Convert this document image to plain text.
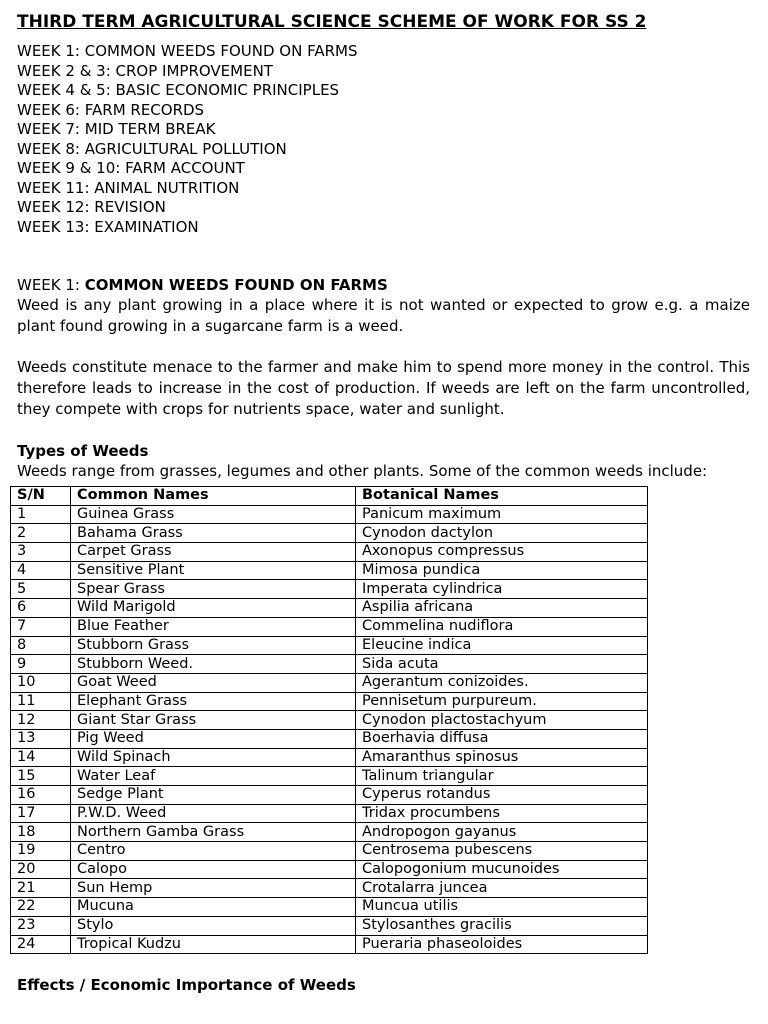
THIRD TERM AGRICULTURAL SCIENCE SCHEME OF WORK FOR SS 2
WEEK 1: COMMON WEEDS FOUND ON FARMS
WEEK 2 & 3: CROP IMPROVEMENT
WEEK 4 & 5: BASIC ECONOMIC PRINCIPLES
WEEK 6: FARM RECORDS
WEEK 7: MID TERM BREAK
WEEK 8: AGRICULTURAL POLLUTION
WEEK 9 & 10: FARM ACCOUNT
WEEK 11: ANIMAL NUTRITION
WEEK 12: REVISION
WEEK 13: EXAMINATION
WEEK 1: COMMON WEEDS FOUND ON FARMS
Weed is any plant growing in a place where it is not wanted or expected to grow e.g. a maize plant found growing in a sugarcane farm is a weed.
Weeds constitute menace to the farmer and make him to spend more money in the control. This therefore leads to increase in the cost of production. If weeds are left on the farm uncontrolled, they compete with crops for nutrients space, water and sunlight.
Types of Weeds
Weeds range from grasses, legumes and other plants. Some of the common weeds include:
S/N	Common Names	Botanical Names
1	Guinea Grass	Panicum maximum
2	Bahama Grass	Cynodon dactylon
3	Carpet Grass	Axonopus compressus
4	Sensitive Plant	Mimosa pundica
5	Spear Grass	Imperata cylindrica
6	Wild Marigold	Aspilia africana
7	Blue Feather	Commelina nudiflora
8	Stubborn Grass	Eleucine indica
9	Stubborn Weed.	Sida acuta
10	Goat Weed	Agerantum conizoides.
11	Elephant Grass	Pennisetum purpureum.
12	Giant Star Grass	Cynodon plactostachyum
13	Pig Weed	Boerhavia diffusa
14	Wild Spinach	Amaranthus spinosus
15	Water Leaf	Talinum triangular
16	Sedge Plant	Cyperus rotandus
17	P.W.D. Weed	Tridax procumbens
18	Northern Gamba Grass	Andropogon gayanus
19	Centro	Centrosema pubescens
20	Calopo	Calopogonium mucunoides
21	Sun Hemp	Crotalarra juncea
22	Mucuna	Muncua utilis
23	Stylo	Stylosanthes gracilis
24	Tropical Kudzu	Pueraria phaseoloides
Effects / Economic Importance of Weeds
